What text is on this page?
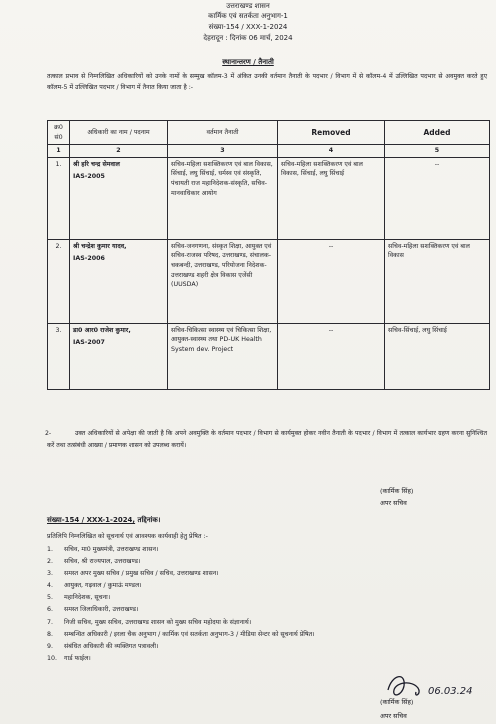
उत्तराखण्ड शासन
कार्मिक एवं सतर्कता अनुभाग-1
संख्या-154 / XXX-1-2024
देहरादून : दिनांक 06 मार्च, 2024
स्थानान्तरण / तैनाती
तत्काल प्रभाव से निम्नलिखित अधिकारियों को उनके नामों के सम्मुख कॉलम-3 में अंकित उनकी वर्तमान तैनाती के पदभार / विभाग में से कॉलम-4 में उल्लिखित पदभार से अवमुक्त करते हुए कॉलम-5 में उल्लिखित पदभार / विभाग में तैनात किया जाता है :-
क्र0 सं0	अधिकारी का नाम / पदनाम	वर्तमान तैनाती	Removed	Added
1	2	3	4	5
1.	श्री हरि चन्द्र सेमवाल
IAS-2005	सचिव-महिला सशक्तिकरण एवं बाल विकास, सिंचाई, लघु सिंचाई, धर्मस्व एवं संस्कृति, पंचायती राज महानिदेशक-संस्कृति, सचिव-मानवाधिकार आयोग	सचिव-महिला सशक्तिकरण एवं बाल विकास, सिंचाई, लघु सिंचाई	--
2.	श्री चन्द्रेश कुमार यादव,
IAS-2006	सचिव-जनगणना, संस्कृत शिक्षा, आयुक्त एवं सचिव-राजस्व परिषद, उत्तराखण्ड, संचालक-चकबन्दी, उत्तराखण्ड, परियोजना निदेशक-उत्तराखण्ड शहरी क्षेत्र विकास एजेंसी (UUSDA)	--	सचिव-महिला सशक्तिकरण एवं बाल विकास
3.	डा0 आर0 राजेश कुमार,
IAS-2007	सचिव-चिकित्सा स्वास्थ्य एवं चिकित्सा शिक्षा, आयुक्त-स्वास्थ्य तथा PD-UK Health System dev. Project	--	सचिव-सिंचाई, लघु सिंचाई
2-	उक्त अधिकारियों से अपेक्षा की जाती है कि अपने अवमुक्ति के वर्तमान पदभार / विभाग से कार्यमुक्त होकर नवीन तैनाती के पदभार / विभाग में तत्काल कार्यभार ग्रहण करना सुनिश्चित करें तथा तत्संबंधी आख्या / प्रमाणक शासन को उपलब्ध करायें।
(कार्मिक सिंह)
अपर सचिव
संख्या-154 / XXX-1-2024, तद्दिनांक।
प्रतिलिपि निम्नलिखित को सूचनार्थ एवं आवश्यक कार्यवाही हेतु प्रेषित :-
1. सचिव, मा0 मुख्यमंत्री, उत्तराखण्ड शासन।
2. सचिव, श्री राज्यपाल, उत्तराखण्ड।
3. समस्त अपर मुख्य सचिव / प्रमुख सचिव / सचिव, उत्तराखण्ड शासन।
4. आयुक्त, गढ़वाल / कुमाऊं मण्डल।
5. महानिदेशक, सूचना।
6. समस्त जिलाधिकारी, उत्तराखण्ड।
7. निजी सचिव, मुख्य सचिव, उत्तराखण्ड शासन को मुख्य सचिव महोदया के संज्ञानार्थ।
8. सम्बन्धित अधिकारी / इरला चैक अनुभाग / कार्मिक एवं सतर्कता अनुभाग-3 / मीडिया सेन्टर को सूचनार्थ प्रेषित।
9. संबंधित अधिकारी की व्यक्तिगत पत्रावली।
10. गार्ड फाईल।
06.03.24
(कार्मिक सिंह)
अपर सचिव
